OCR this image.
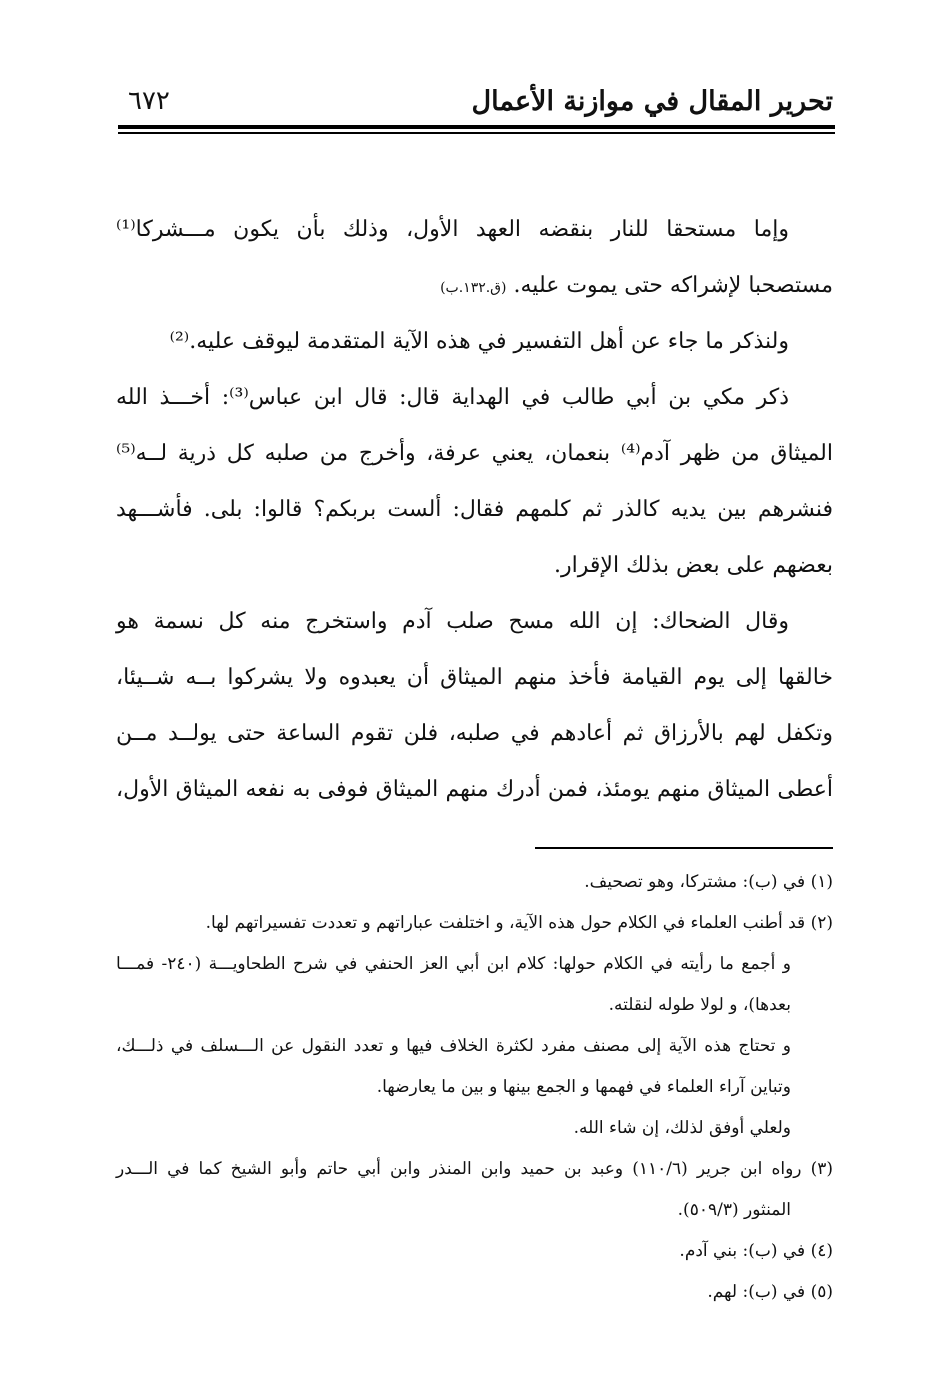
تحرير المقال في موازنة الأعمال
٦٧٢
وإما مستحقا للنار بنقضه العهد الأول، وذلك بأن يكون مـــشركا⁽¹⁾
مستصحبا لإشراكه حتى يموت عليه. (ق.١٣٢.ب)
ولنذكر ما جاء عن أهل التفسير في هذه الآية المتقدمة ليوقف عليه.⁽²⁾
ذكر مكي بن أبي طالب في الهداية قال: قال ابن عباس⁽³⁾: أخـــذ الله
الميثاق من ظهر آدم⁽⁴⁾ بنعمان، يعني عرفة، وأخرج من صلبه كل ذرية لــه⁽⁵⁾
فنشرهم بين يديه كالذر ثم كلمهم فقال: ألست بربكم؟ قالوا: بلى. فأشـــهد
بعضهم على بعض بذلك الإقرار.
وقال الضحاك: إن الله مسح صلب آدم واستخرج منه كل نسمة هو
خالقها إلى يوم القيامة فأخذ منهم الميثاق أن يعبدوه ولا يشركوا بــه شــيئا،
وتكفل لهم بالأرزاق ثم أعادهم في صلبه، فلن تقوم الساعة حتى يولــد مــن
أعطى الميثاق منهم يومئذ، فمن أدرك منهم الميثاق فوفى به نفعه الميثاق الأول،
(١) في (ب): مشتركا، وهو تصحيف.
(٢) قد أطنب العلماء في الكلام حول هذه الآية، و اختلفت عباراتهم و تعددت تفسيراتهم لها.
و أجمع ما رأيته في الكلام حولها: كلام ابن أبي العز الحنفي في شرح الطحاويـــة (٢٤٠- فمـــا
بعدها)، و لولا طوله لنقلته.
و تحتاج هذه الآية إلى مصنف مفرد لكثرة الخلاف فيها و تعدد النقول عن الـــسلف في ذلـــك،
وتباين آراء العلماء في فهمها و الجمع بينها و بين ما يعارضها.
ولعلي أوفق لذلك، إن شاء الله.
(٣) رواه ابن جرير (١١٠/٦) وعبد بن حميد وابن المنذر وابن أبي حاتم وأبو الشيخ كما في الـــدر
المنثور (٥٠٩/٣).
(٤) في (ب): بني آدم.
(٥) في (ب): لهم.
